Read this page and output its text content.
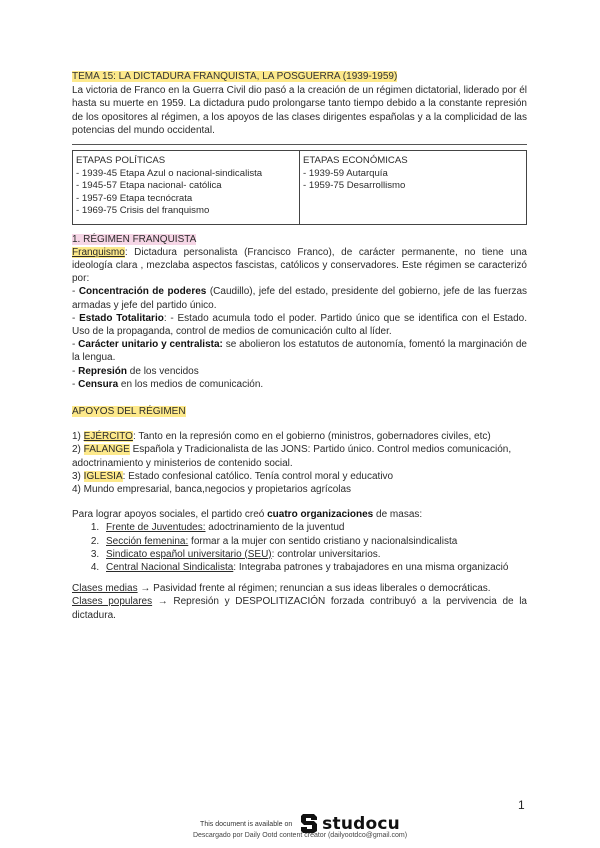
TEMA 15: LA DICTADURA FRANQUISTA, LA POSGUERRA (1939-1959)
La victoria de Franco en la Guerra Civil dio pasó a la creación de un régimen dictatorial, liderado por él hasta su muerte en 1959. La dictadura pudo prolongarse tanto tiempo debido a la constante represión de los opositores al régimen, a los apoyos de las clases dirigentes españolas y a la complicidad de las potencias del mundo occidental.
ETAPAS POLÍTICAS
- 1939-45 Etapa Azul o nacional-sindicalista
- 1945-57 Etapa nacional- católica
- 1957-69 Etapa tecnócrata
- 1969-75 Crisis del franquismo

ETAPAS ECONÓMICAS
- 1939-59 Autarquía
- 1959-75 Desarrollismo
1. RÉGIMEN FRANQUISTA
Franquismo: Dictadura personalista (Francisco Franco), de carácter permanente, no tiene una ideología clara , mezclaba aspectos fascistas, católicos y conservadores. Este régimen se caracterizó por:
- Concentración de poderes (Caudillo), jefe del estado, presidente del gobierno, jefe de las fuerzas armadas y jefe del partido único.
- Estado Totalitario: - Estado acumula todo el poder. Partido único que se identifica con el Estado. Uso de la propaganda, control de medios de comunicación culto al líder.
- Carácter unitario y centralista: se abolieron los estatutos de autonomía, fomentó la marginación de la lengua.
- Represión de los vencidos
- Censura en los medios de comunicación.
APOYOS DEL RÉGIMEN
1) EJÉRCITO: Tanto en la represión como en el gobierno (ministros, gobernadores civiles, etc)
2) FALANGE Española y Tradicionalista de las JONS: Partido único. Control medios comunicación, adoctrinamiento y ministerios de contenido social.
3) IGLESIA: Estado confesional católico. Tenía control moral y educativo
4) Mundo empresarial, banca,negocios y propietarios agrícolas
Para lograr apoyos sociales, el partido creó cuatro organizaciones de masas:
1. Frente de Juventudes: adoctrinamiento de la juventud
2. Sección femenina: formar a la mujer con sentido cristiano y nacionalsindicalista
3. Sindicato español universitario (SEU): controlar universitarios.
4. Central Nacional Sindicalista: Integraba patrones y trabajadores en una misma organizació
Clases medias → Pasividad frente al régimen; renuncian a sus ideas liberales o democráticas.
Clases populares → Represión y DESPOLITIZACIÓN forzada contribuyó a la pervivencia de la dictadura.
1
This document is available on studocu
Descargado por Daily Ootd content creator (dailyootdco@gmail.com)
